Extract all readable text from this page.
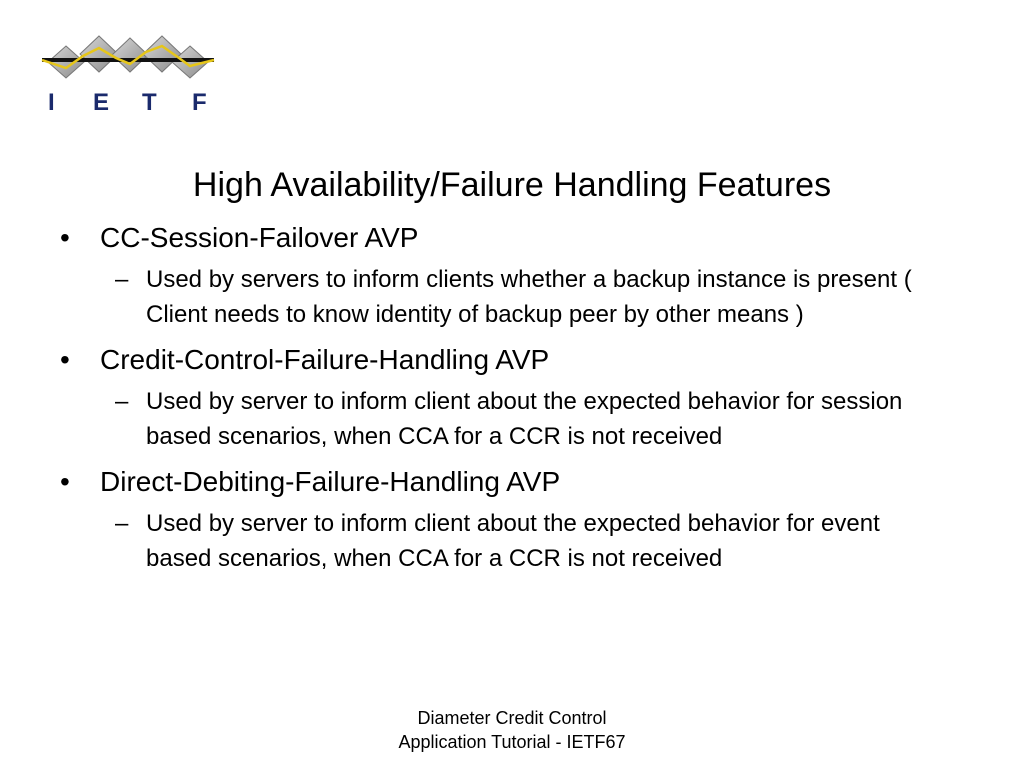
I E T F
High Availability/Failure Handling Features
• CC-Session-Failover AVP
– Used by servers to inform clients whether a backup instance is present ( Client needs to know identity of backup peer by other means )
• Credit-Control-Failure-Handling AVP
– Used by server to inform client about the expected behavior for session based scenarios, when CCA for a CCR is not received
• Direct-Debiting-Failure-Handling AVP
– Used by server to inform client about the expected behavior for event based scenarios, when CCA for a CCR is not received
Diameter Credit Control
Application Tutorial - IETF67
